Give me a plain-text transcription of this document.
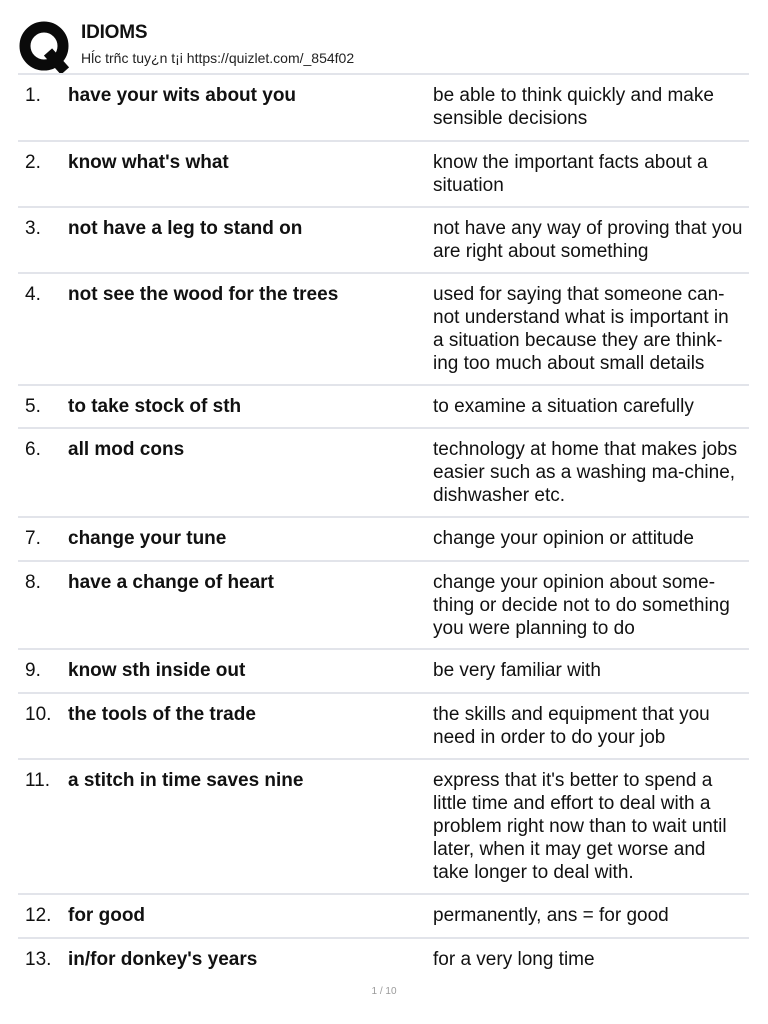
IDIOMS
Hĺc trñc tuy¿n t¡i https://quizlet.com/_854f02
1. have your wits about you	be able to think quickly and make sensible decisions
2. know what's what	know the important facts about a situation
3. not have a leg to stand on	not have any way of proving that you are right about something
4. not see the wood for the trees	used for saying that someone can-not understand what is important in a situation because they are think-ing too much about small details
5. to take stock of sth	to examine a situation carefully
6. all mod cons	technology at home that makes jobs easier such as a washing ma-chine, dishwasher etc.
7. change your tune	change your opinion or attitude
8. have a change of heart	change your opinion about some-thing or decide not to do something you were planning to do
9. know sth inside out	be very familiar with
10. the tools of the trade	the skills and equipment that you need in order to do your job
11. a stitch in time saves nine	express that it's better to spend a little time and effort to deal with a problem right now than to wait until later, when it may get worse and take longer to deal with.
12. for good	permanently, ans = for good
13. in/for donkey's years	for a very long time
1 / 10
